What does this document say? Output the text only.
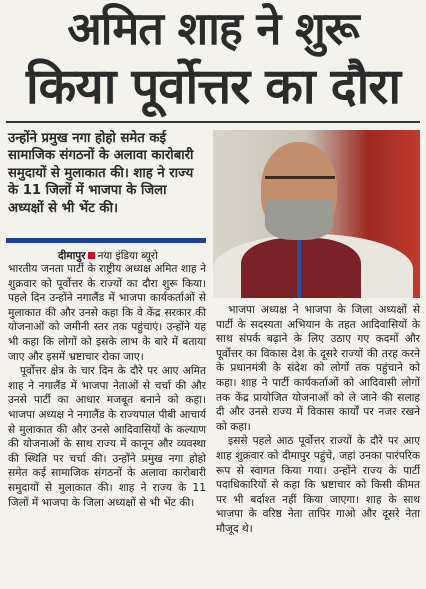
अमित शाह ने शुरू
किया पूर्वोत्तर का दौरा
उन्होंने प्रमुख नगा होहो समेत कई सामाजिक संगठनों के अलावा कारोबारी समुदायों से मुलाकात की। शाह ने राज्य के 11 जिलों में भाजपा के जिला अध्यक्षों से भी भेंट की।
दीमापुर नया इंडिया ब्यूरो

भारतीय जनता पार्टी के राष्ट्रीय अध्यक्ष अमित शाह ने शुक्रवार को पूर्वोत्तर के राज्यों का दौरा शुरू किया। पहले दिन उन्होंने नगालैंड में भाजपा कार्यकर्ताओं से मुलाकात की और उनसे कहा कि वे केंद्र सरकार की योजनाओं को जमीनी स्तर तक पहुंचाएं। उन्होंने यह भी कहा कि लोगों को इसके लाभ के बारे में बताया जाए और इसमें भ्रष्टाचार रोका जाए।

पूर्वोत्तर क्षेत्र के चार दिन के दौरे पर आए अमित शाह ने नगालैंड में भाजपा नेताओं से चर्चा की और उनसे पार्टी का आधार मजबूत बनाने को कहा। भाजपा अध्यक्ष ने नगालैंड के राज्यपाल पीबी आचार्य से मुलाकात की और उनसे आदिवासियों के कल्याण की योजनाओं के साथ राज्य में कानून और व्यवस्था की स्थिति पर चर्चा की। उन्होंने प्रमुख नगा होहो समेत कई सामाजिक संगठनों के अलावा कारोबारी समुदायों से मुलाकात की। शाह ने राज्य के 11 जिलों में भाजपा के जिला अध्यक्षों से भी भेंट की।

भाजपा अध्यक्ष ने भाजपा के जिला अध्यक्षों से पार्टी के सदस्यता अभियान के तहत आदिवासियों के साथ संपर्क बढ़ाने के लिए उठाए गए कदमों और पूर्वोत्तर का विकास देश के दूसरे राज्यों की तरह करने के प्रधानमंत्री के संदेश को लोगों तक पहुंचाने को कहा। शाह ने पार्टी कार्यकर्ताओं को आदिवासी लोगों तक केंद्र प्रायोजित योजनाओं को ले जाने की सलाह दी और उनसे राज्य में विकास कार्यों पर नजर रखने को कहा।

इससे पहले आठ पूर्वोत्तर राज्यों के दौरे पर आए शाह शुक्रवार को दीमापुर पहुंचे, जहां उनका पारंपरिक रूप से स्वागत किया गया। उन्होंने राज्य के पार्टी पदाधिकारियों से कहा कि भ्रष्टाचार को किसी कीमत पर भी बर्दाश्त नहीं किया जाएगा। शाह के साथ भाजपा के वरिष्ठ नेता तापिर गाओ और दूसरे नेता मौजूद थे।
